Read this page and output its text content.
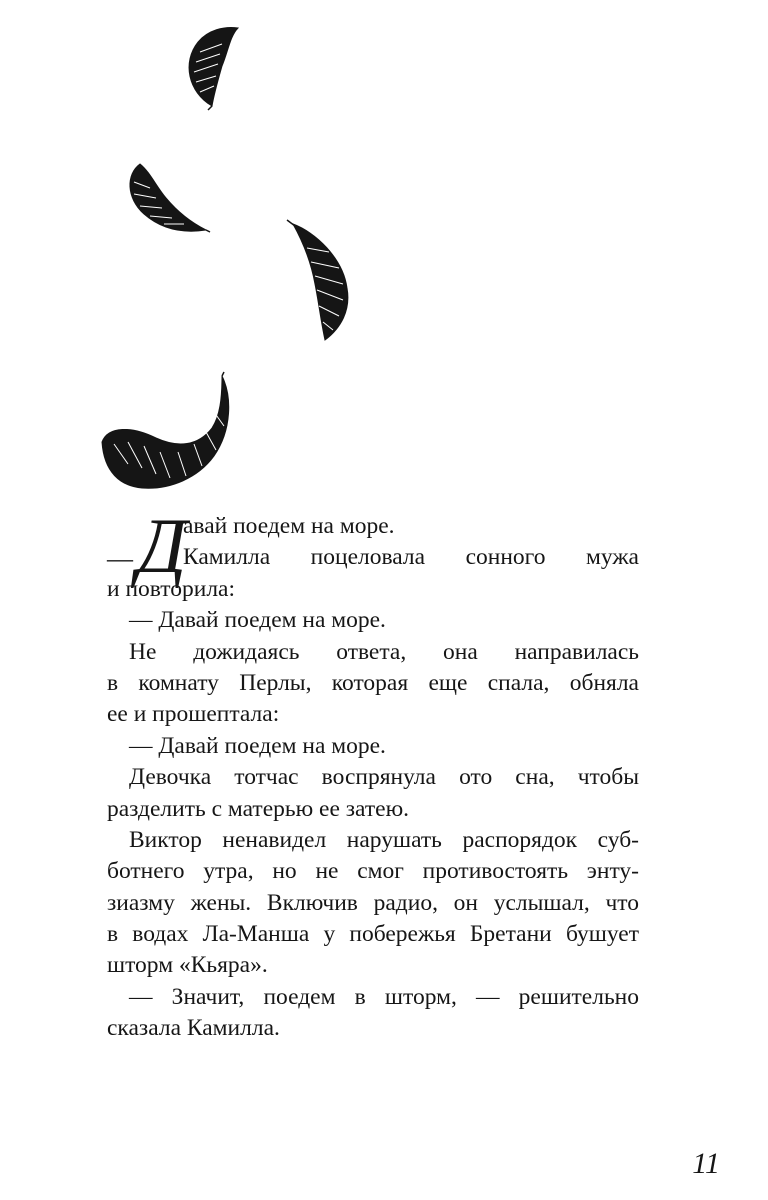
— Д
авай поедем на море.
Камилла поцеловала сонного мужа
и повторила:
— Давай поедем на море.
Не дожидаясь ответа, она направилась
в комнату Перлы, которая еще спала, обняла
ее и прошептала:
— Давай поедем на море.
Девочка тотчас воспрянула ото сна, чтобы
разделить с матерью ее затею.
Виктор ненавидел нарушать распорядок суб-
ботнего утра, но не смог противостоять энту-
зиазму жены. Включив радио, он услышал, что
в водах Ла-Манша у побережья Бретани бушует
шторм «Кьяра».
— Значит, поедем в шторм, — решительно
сказала Камилла.
11
